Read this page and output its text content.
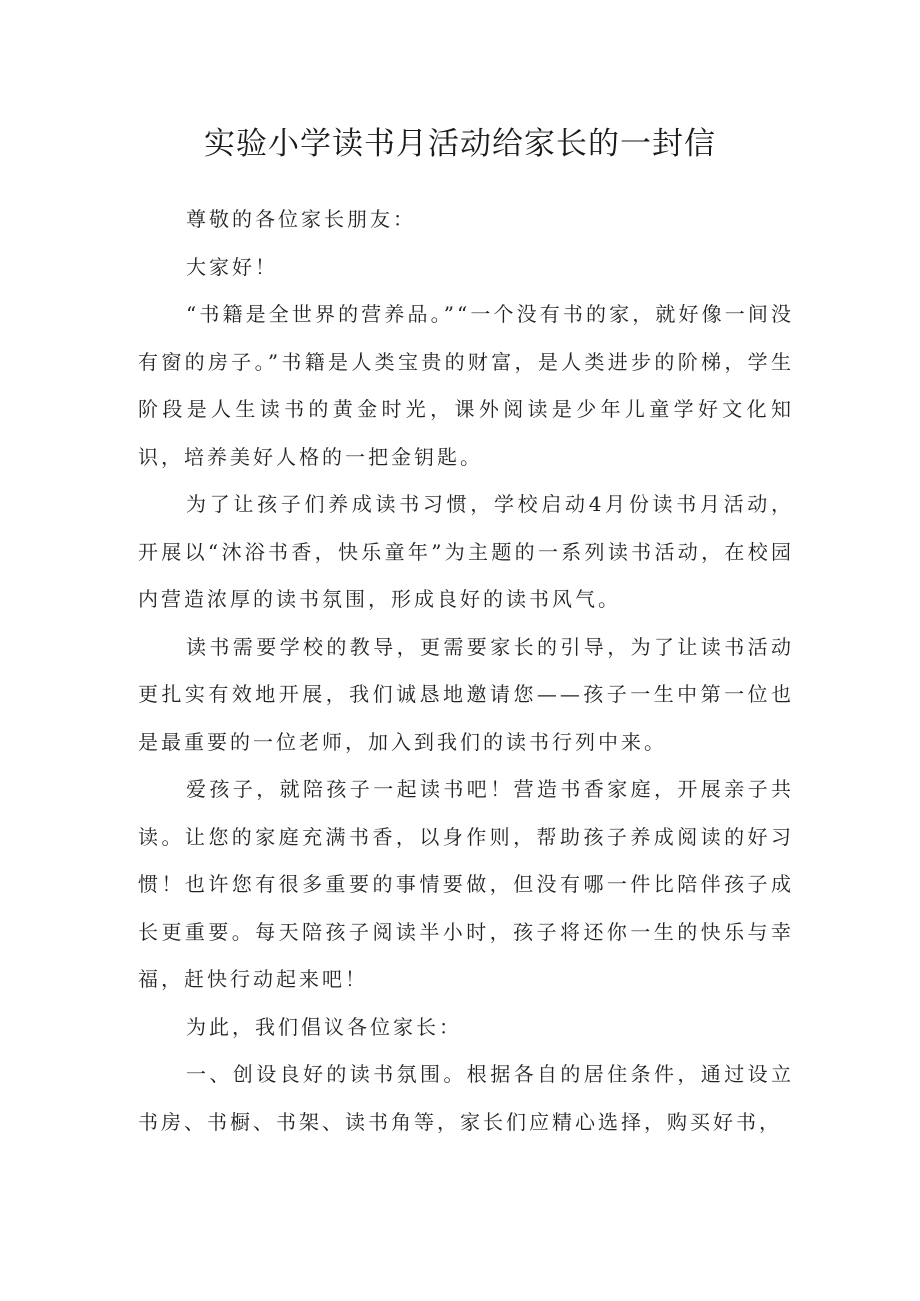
实验小学读书月活动给家长的一封信

尊敬的各位家长朋友：

大家好！

“书籍是全世界的营养品。”“一个没有书的家，就好像一间没有窗的房子。”书籍是人类宝贵的财富，是人类进步的阶梯，学生阶段是人生读书的黄金时光，课外阅读是少年儿童学好文化知识，培养美好人格的一把金钥匙。

为了让孩子们养成读书习惯，学校启动4月份读书月活动，开展以“沐浴书香，快乐童年”为主题的一系列读书活动，在校园内营造浓厚的读书氛围，形成良好的读书风气。

读书需要学校的教导，更需要家长的引导，为了让读书活动更扎实有效地开展，我们诚恳地邀请您——孩子一生中第一位也是最重要的一位老师，加入到我们的读书行列中来。

爱孩子，就陪孩子一起读书吧！营造书香家庭，开展亲子共读。让您的家庭充满书香，以身作则，帮助孩子养成阅读的好习惯！也许您有很多重要的事情要做，但没有哪一件比陪伴孩子成长更重要。每天陪孩子阅读半小时，孩子将还你一生的快乐与幸福，赶快行动起来吧！

为此，我们倡议各位家长：

一、创设良好的读书氛围。根据各自的居住条件，通过设立书房、书橱、书架、读书角等，家长们应精心选择，购买好书，
